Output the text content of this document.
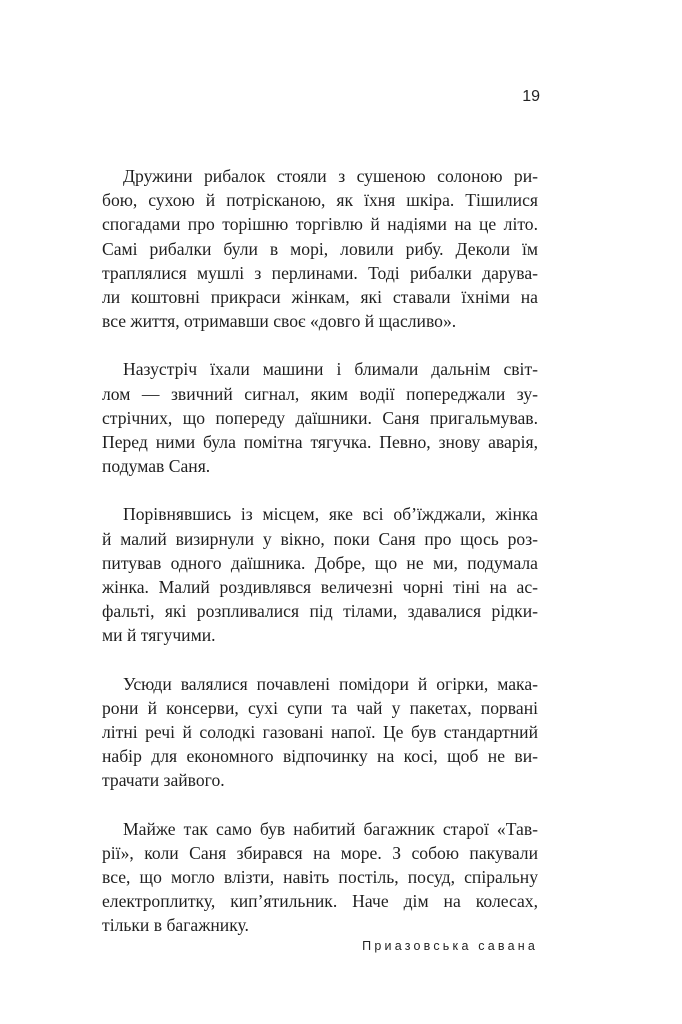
19
Дружини рибалок стояли з сушеною солоною ри-
бою, сухою й потрісканою, як їхня шкіра. Тішилися
спогадами про торішню торгівлю й надіями на це літо.
Самі рибалки були в морі, ловили рибу. Деколи їм
траплялися мушлі з перлинами. Тоді рибалки дарува-
ли коштовні прикраси жінкам, які ставали їхніми на
все життя, отримавши своє «довго й щасливо».
Назустріч їхали машини і блимали дальнім світ-
лом — звичний сигнал, яким водії попереджали зу-
стрічних, що попереду даїшники. Саня пригальмував.
Перед ними була помітна тягучка. Певно, знову аварія,
подумав Саня.
Порівнявшись із місцем, яке всі об’їжджали, жінка
й малий визирнули у вікно, поки Саня про щось роз-
питував одного даїшника. Добре, що не ми, подумала
жінка. Малий роздивлявся величезні чорні тіні на ас-
фальті, які розпливалися під тілами, здавалися рідки-
ми й тягучими.
Усюди валялися почавлені помідори й огірки, мака-
рони й консерви, сухі супи та чай у пакетах, порвані
літні речі й солодкі газовані напої. Це був стандартний
набір для економного відпочинку на косі, щоб не ви-
трачати зайвого.
Майже так само був набитий багажник старої «Тав-
рії», коли Саня збирався на море. З собою пакували
все, що могло влізти, навіть постіль, посуд, спіральну
електроплитку, кип’ятильник. Наче дім на колесах,
тільки в багажнику.
Приазовська савана
